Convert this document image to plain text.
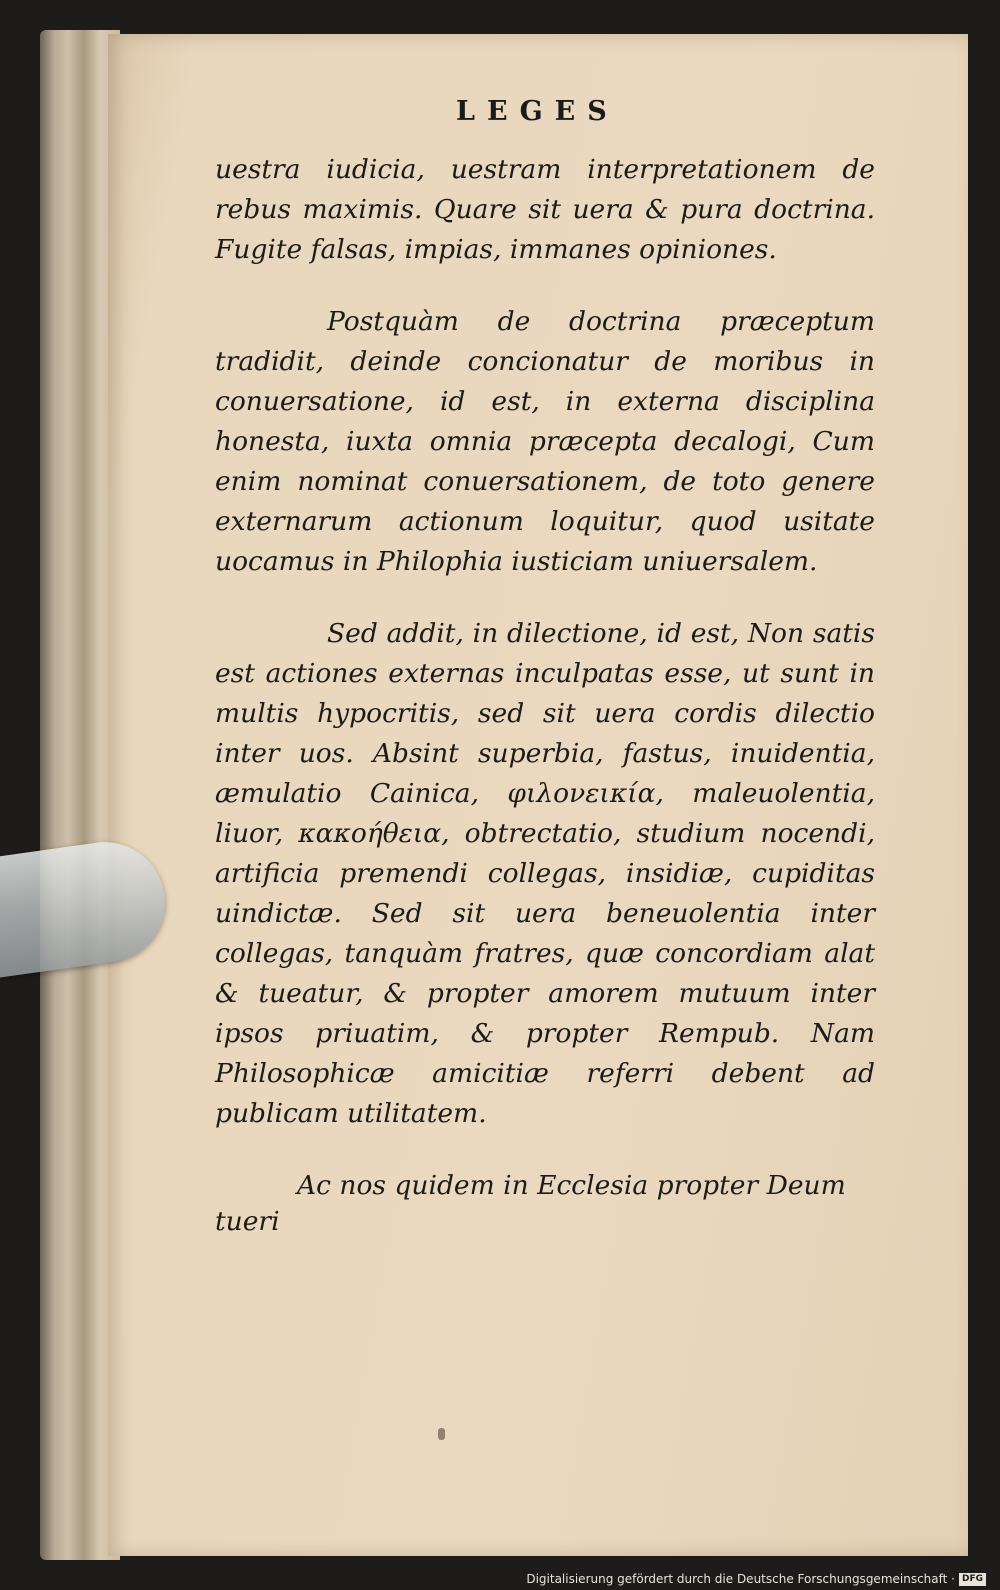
LEGES

uestra iudicia, uestram interpretationem de rebus maximis. Quare sit uera & pura doctrina. Fugite falsas, impias, immanes opiniones.

Postquàm de doctrina præceptum tradidit, deinde concionatur de moribus in conuersatione, id est, in externa disciplina honesta, iuxta omnia præcepta decalogi, Cum enim nominat conuersationem, de toto genere externarum actionum loquitur, quod usitate uocamus in Philophia iusticiam uniuersalem.

Sed addit, in dilectione, id est, Non satis est actiones externas inculpatas esse, ut sunt in multis hypocritis, sed sit uera cordis dilectio inter uos. Absint superbia, fastus, inuidentia, æmulatio Cainica, φιλονεικία, maleuolentia, liuor, κακοήθεια, obtrectatio, studium nocendi, artificia premendi collegas, insidiæ, cupiditas uindictæ. Sed sit uera beneuolentia inter collegas, tanquàm fratres, quæ concordiam alat & tueatur, & propter amorem mutuum inter ipsos priuatim, & propter Rempub. Nam Philosophicæ amicitiæ referri debent ad publicam utilitatem.

Ac nos quidem in Ecclesia propter Deum

tueri
Digitalisierung gefördert durch die Deutsche Forschungsgemeinschaft · DFG
